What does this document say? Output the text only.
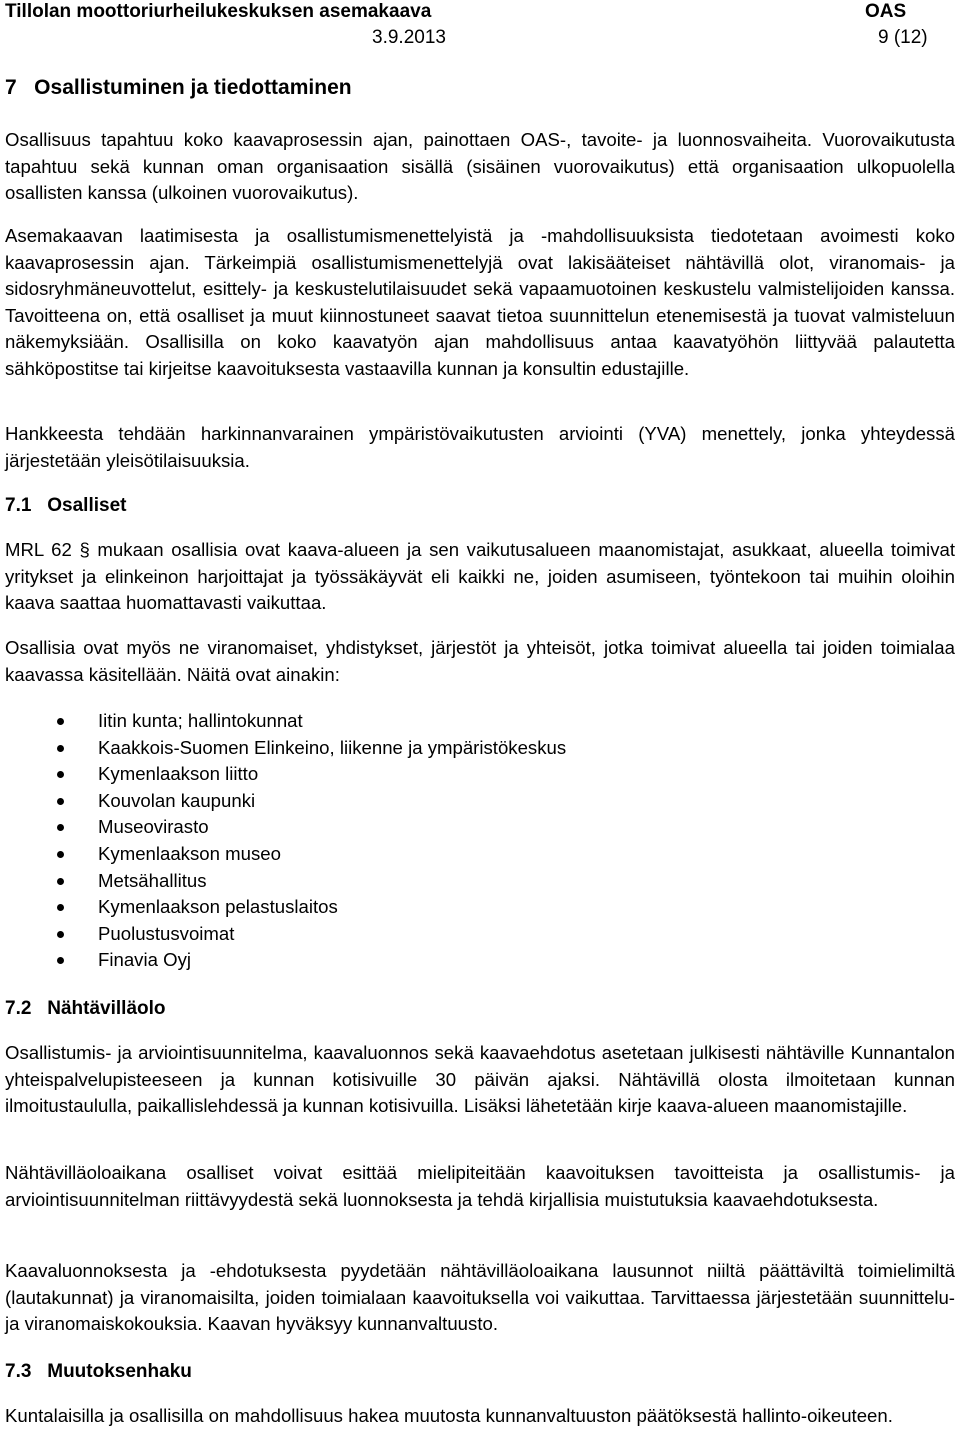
Tillolan moottoriurheilukeskuksen asemakaava	OAS
3.9.2013	9 (12)
7   Osallistuminen ja tiedottaminen

Osallisuus tapahtuu koko kaavaprosessin ajan, painottaen OAS-, tavoite- ja luonnosvaiheita. Vuorovaikutusta tapahtuu sekä kunnan oman organisaation sisällä (sisäinen vuorovaikutus) että organisaation ulkopuolella osallisten kanssa (ulkoinen vuorovaikutus).

Asemakaavan laatimisesta ja osallistumismenettelyistä ja -mahdollisuuksista tiedotetaan avoimesti koko kaavaprosessin ajan. Tärkeimpiä osallistumismenettelyjä ovat lakisääteiset nähtävillä olot, viranomais- ja sidosryhmäneuvottelut, esittely- ja keskustelutilaisuudet sekä vapaamuotoinen keskustelu valmistelijoiden kanssa. Tavoitteena on, että osalliset ja muut kiinnostuneet saavat tietoa suunnittelun etenemisestä ja tuovat valmisteluun näkemyksiään. Osallisilla on koko kaavatyön ajan mahdollisuus antaa kaavatyöhön liittyvää palautetta sähköpostitse tai kirjeitse kaavoituksesta vastaavilla kunnan ja konsultin edustajille.

Hankkeesta tehdään harkinnanvarainen ympäristövaikutusten arviointi (YVA) menettely, jonka yhteydessä järjestetään yleisötilaisuuksia.

7.1   Osalliset

MRL 62 § mukaan osallisia ovat kaava-alueen ja sen vaikutusalueen maanomistajat, asukkaat, alueella toimivat yritykset ja elinkeinon harjoittajat ja työssäkäyvät eli kaikki ne, joiden asumiseen, työntekoon tai muihin oloihin kaava saattaa huomattavasti vaikuttaa.

Osallisia ovat myös ne viranomaiset, yhdistykset, järjestöt ja yhteisöt, jotka toimivat alueella tai joiden toimialaa kaavassa käsitellään. Näitä ovat ainakin:

Iitin kunta; hallintokunnat
Kaakkois-Suomen Elinkeino, liikenne ja ympäristökeskus
Kymenlaakson liitto
Kouvolan kaupunki
Museovirasto
Kymenlaakson museo
Metsähallitus
Kymenlaakson pelastuslaitos
Puolustusvoimat
Finavia Oyj
7.2   Nähtävilläolo

Osallistumis- ja arviointisuunnitelma, kaavaluonnos sekä kaavaehdotus asetetaan julkisesti nähtäville Kunnantalon yhteispalvelupisteeseen ja kunnan kotisivuille 30 päivän ajaksi. Nähtävillä olosta ilmoitetaan kunnan ilmoitustaululla, paikallislehdessä ja kunnan kotisivuilla. Lisäksi lähetetään kirje kaava-alueen maanomistajille.

Nähtävilläoloaikana osalliset voivat esittää mielipiteitään kaavoituksen tavoitteista ja osallistumis- ja arviointisuunnitelman riittävyydestä sekä luonnoksesta ja tehdä kirjallisia muistutuksia kaavaehdotuksesta.

Kaavaluonnoksesta ja -ehdotuksesta pyydetään nähtävilläoloaikana lausunnot niiltä päättäviltä toimielimiltä (lautakunnat) ja viranomaisilta, joiden toimialaan kaavoituksella voi vaikuttaa. Tarvittaessa järjestetään suunnittelu- ja viranomaiskokouksia. Kaavan hyväksyy kunnanvaltuusto.

7.3   Muutoksenhaku

Kuntalaisilla ja osallisilla on mahdollisuus hakea muutosta kunnanvaltuuston päätöksestä hallinto-oikeuteen.
